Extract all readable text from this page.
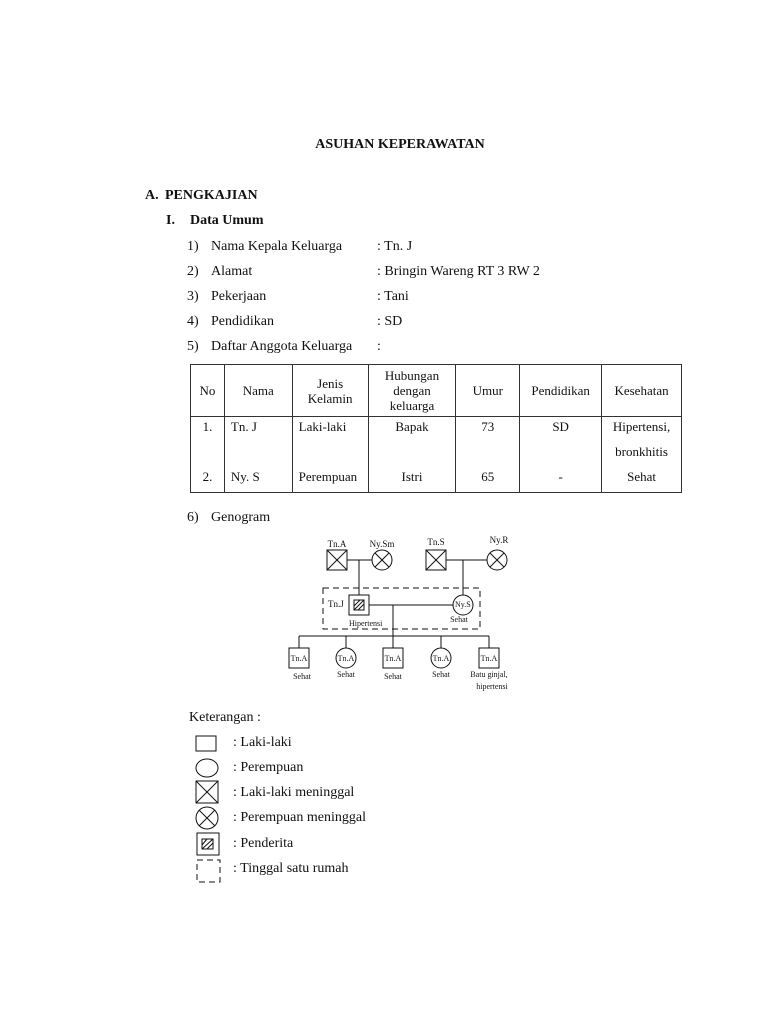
ASUHAN KEPERAWATAN
A. PENGKAJIAN
I. Data Umum
1) Nama Kepala Keluarga : Tn. J
2) Alamat	: Bringin Wareng RT 3 RW 2
3) Pekerjaan	: Tani
4) Pendidikan	: SD
5) Daftar Anggota Keluarga :
No	Nama	Jenis Kelamin	Hubungan dengan keluarga	Umur	Pendidikan	Kesehatan
1.	Tn. J	Laki-laki	Bapak	73	SD	Hipertensi,
						bronkhitis
2.	Ny. S	Perempuan	Istri	65	-	Sehat
6) Genogram
Tn.A	Ny.Sm	Tn.S	Ny.R
Tn.J
Hipertensi
Ny.S
Sehat
Tn.A	Tn.A	Tn.A	Tn.A	Tn.A
Sehat	Sehat	Sehat	Sehat	Batu ginjal,
hipertensi
Keterangan :
: Laki-laki
: Perempuan
: Laki-laki meninggal
: Perempuan meninggal
: Penderita
: Tinggal satu rumah
